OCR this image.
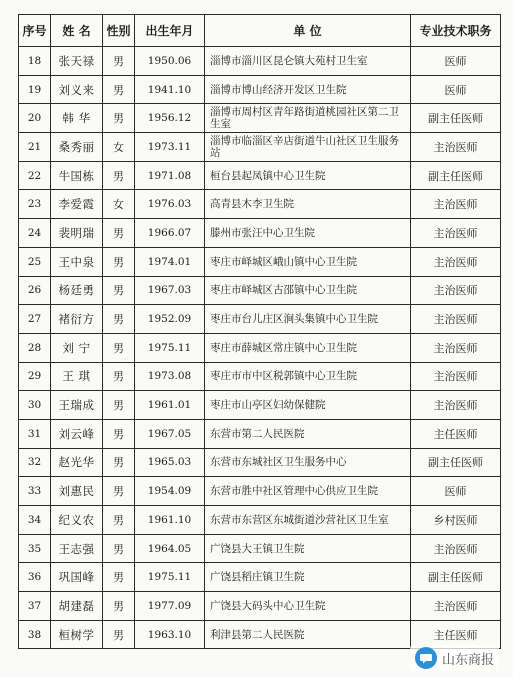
序号	姓 名	性别	出生年月	单 位	专业技术职务
18	张天禄	男	1950.06	淄博市淄川区昆仑镇大苑村卫生室	医师
19	刘义来	男	1941.10	淄博市博山经济开发区卫生院	医师
20	韩 华	男	1956.12	淄博市周村区青年路街道桃园社区第二卫生室	副主任医师
21	桑秀丽	女	1973.11	淄博市临淄区辛店街道牛山社区卫生服务站	主治医师
22	牛国栋	男	1971.08	桓台县起凤镇中心卫生院	副主任医师
23	李爱霞	女	1976.03	高青县木李卫生院	主治医师
24	裴明瑞	男	1966.07	滕州市张汪中心卫生院	主治医师
25	王中泉	男	1974.01	枣庄市峄城区峨山镇中心卫生院	主治医师
26	杨廷勇	男	1967.03	枣庄市峄城区古邵镇中心卫生院	主治医师
27	褚衍方	男	1952.09	枣庄市台儿庄区涧头集镇中心卫生院	主治医师
28	刘 宁	男	1975.11	枣庄市薛城区常庄镇中心卫生院	主治医师
29	王 琪	男	1973.08	枣庄市市中区税郭镇中心卫生院	主治医师
30	王瑞成	男	1961.01	枣庄市山亭区妇幼保健院	主治医师
31	刘云峰	男	1967.05	东营市第二人民医院	主任医师
32	赵光华	男	1965.03	东营市东城社区卫生服务中心	副主任医师
33	刘惠民	男	1954.09	东营市胜中社区管理中心供应卫生院	医师
34	纪义农	男	1961.10	东营市东营区东城街道沙营社区卫生室	乡村医师
35	王志强	男	1964.05	广饶县大王镇卫生院	主治医师
36	巩国峰	男	1975.11	广饶县稻庄镇卫生院	副主任医师
37	胡建磊	男	1977.09	广饶县大码头中心卫生院	主治医师
38	桓树学	男	1963.10	利津县第二人民医院	主任医师
山东商报
